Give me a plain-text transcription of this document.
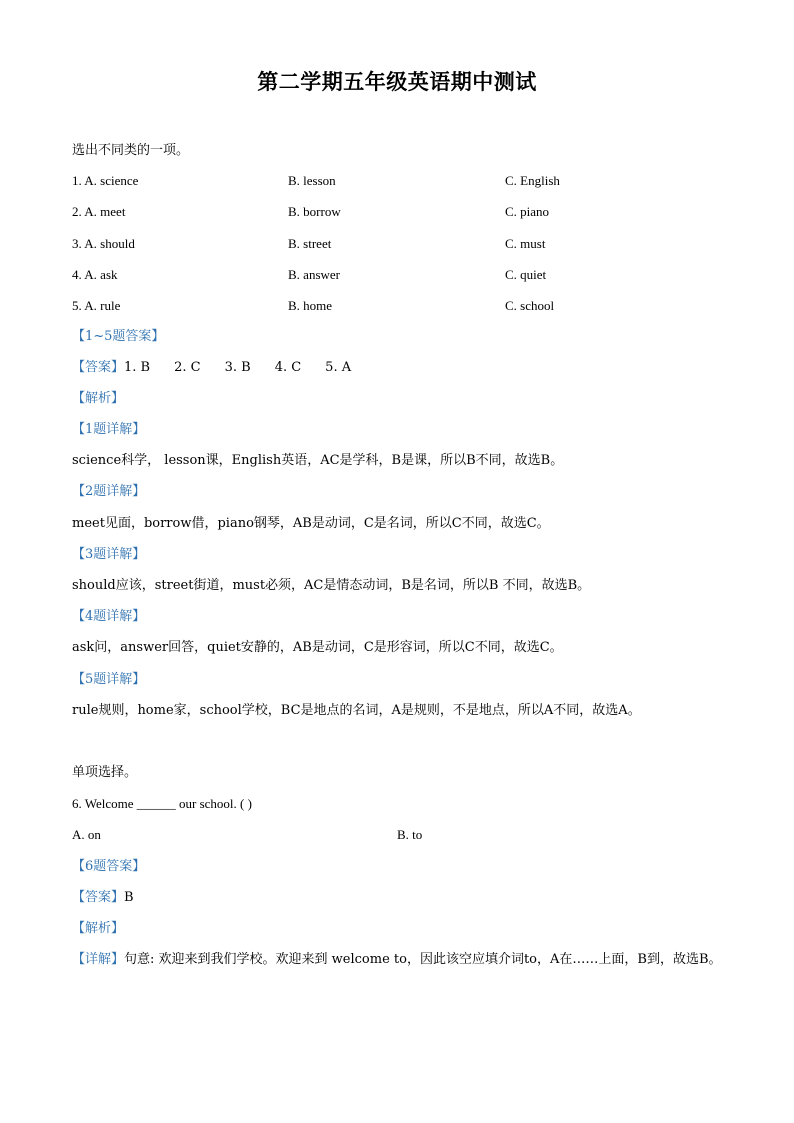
第二学期五年级英语期中测试
选出不同类的一项。
1. A. science	B. lesson	C. English
2. A. meet	B. borrow	C. piano
3. A. should	B. street	C. must
4. A. ask	B. answer	C. quiet
5. A. rule	B. home	C. school
【1~5题答案】
【答案】1. B 2. C 3. B 4. C 5. A
【解析】
【1题详解】
science科学， lesson课，English英语，AC是学科，B是课，所以B不同，故选B。
【2题详解】
meet见面，borrow借，piano钢琴，AB是动词，C是名词，所以C不同，故选C。
【3题详解】
should应该，street街道，must必须，AC是情态动词，B是名词，所以B 不同，故选B。
【4题详解】
ask问，answer回答，quiet安静的，AB是动词，C是形容词，所以C不同，故选C。
【5题详解】
rule规则，home家，school学校，BC是地点的名词，A是规则，不是地点，所以A不同，故选A。
单项选择。
6. Welcome ______ our school. ( )
A. on	B. to
【6题答案】
【答案】B
【解析】
【详解】句意: 欢迎来到我们学校。欢迎来到 welcome to，因此该空应填介词to，A在……上面，B到，故选B。
